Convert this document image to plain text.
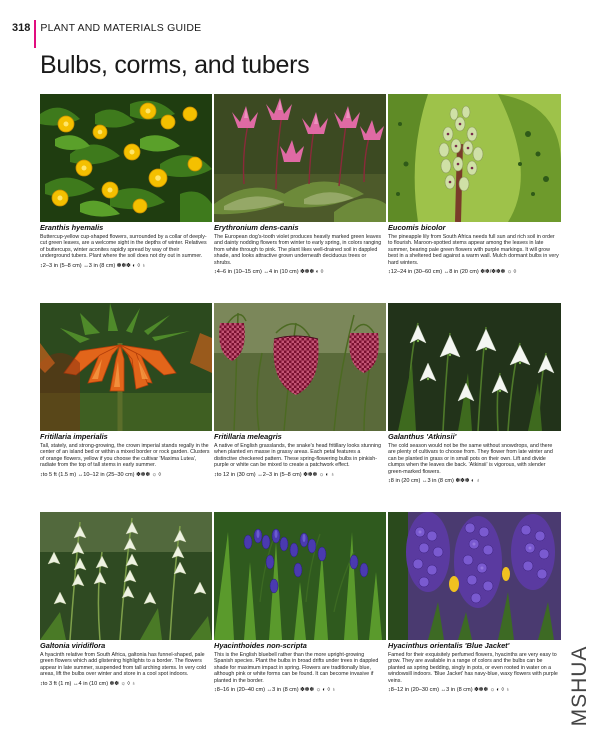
318 PLANT AND MATERIALS GUIDE
Bulbs, corms, and tubers
Eranthis hyemalis
Buttercup-yellow cup-shaped flowers, surrounded by a collar of deeply-cut green leaves, are a welcome sight in the depths of winter. Relatives of buttercups, winter aconites rapidly spread by way of their underground tubers. Plant where the soil does not dry out in summer.
↕2–3 in (5–8 cm) ↔3 in (8 cm) ✽✽✽ ◐ ◊ ♁
Erythronium dens-canis
The European dog's-tooth violet produces heavily marked green leaves and dainty nodding flowers from winter to early spring, in colors ranging from white through to pink. The plant likes well-drained soil in dappled shade, and looks attractive grown underneath deciduous trees or shrubs.
↕4–6 in (10–15 cm) ↔4 in (10 cm) ✽✽✽ ◐ ◊
Eucomis bicolor
The pineapple lily from South Africa needs full sun and rich soil in order to flourish. Maroon-spotted stems appear among the leaves in late summer, bearing pale green flowers with purple markings. It will grow best in a sheltered bed against a warm wall. Mulch dormant bulbs in very hard winters.
↕12–24 in (30–60 cm) ↔8 in (20 cm) ✽✽/✽✽✽ ☼ ◊
Fritillaria imperialis
Tall, stately, and strong-growing, the crown imperial stands regally in the center of an island bed or within a mixed border or rock garden. Clusters of orange flowers, yellow if you choose the cultivar 'Maxima Lutea', radiate from the top of tall stems in early summer.
↕to 5 ft (1.5 m) ↔10–12 in (25–30 cm) ✽✽✽ ☼ ◊
Fritillaria meleagris
A native of English grasslands, the snake's head fritillary looks stunning when planted en masse in grassy areas. Each petal features a distinctive checkered pattern. These spring-flowering bulbs in pinkish-purple or white can be mixed to create a patchwork effect.
↕to 12 in (30 cm) ↔2–3 in (5–8 cm) ✽✽✽ ☼ ◐ ♁
Galanthus 'Atkinsii'
The cold season would not be the same without snowdrops, and there are plenty of cultivars to choose from. They flower from late winter and can be planted in grass or in small pots on their own. Lift and divide clumps when the leaves die back. 'Atkinsii' is vigorous, with slender green-marked flowers.
↕8 in (20 cm) ↔3 in (8 cm) ✽✽✽ ◐ ♁
Galtonia viridiflora
A hyacinth relative from South Africa, galtonia has funnel-shaped, pale green flowers which add glistening highlights to a border. The flowers appear in late summer, suspended from tall arching stems. In very cold areas, lift the bulbs over winter and store in a cool spot indoors.
↕to 3 ft (1 m) ↔4 in (10 cm) ✽✽ ☼ ◊ ♁
Hyacinthoides non-scripta
This is the English bluebell rather than the more upright-growing Spanish species. Plant the bulbs in broad drifts under trees in dappled shade for maximum impact in spring. Flowers are traditionally blue, although pink or white forms can be found. It can become invasive if planted in the border.
↕8–16 in (20–40 cm) ↔3 in (8 cm) ✽✽✽ ☼ ◐ ◊ ♁
Hyacinthus orientalis 'Blue Jacket'
Famed for their exquisitely perfumed flowers, hyacinths are very easy to grow. They are available in a range of colors and the bulbs can be planted as spring bedding, singly in pots, or even rooted in water on a windowsill indoors. 'Blue Jacket' has navy-blue, waxy flowers with purple veins.
↕8–12 in (20–30 cm) ↔3 in (8 cm) ✽✽✽ ☼ ◐ ◊ ♁	MSHUA
